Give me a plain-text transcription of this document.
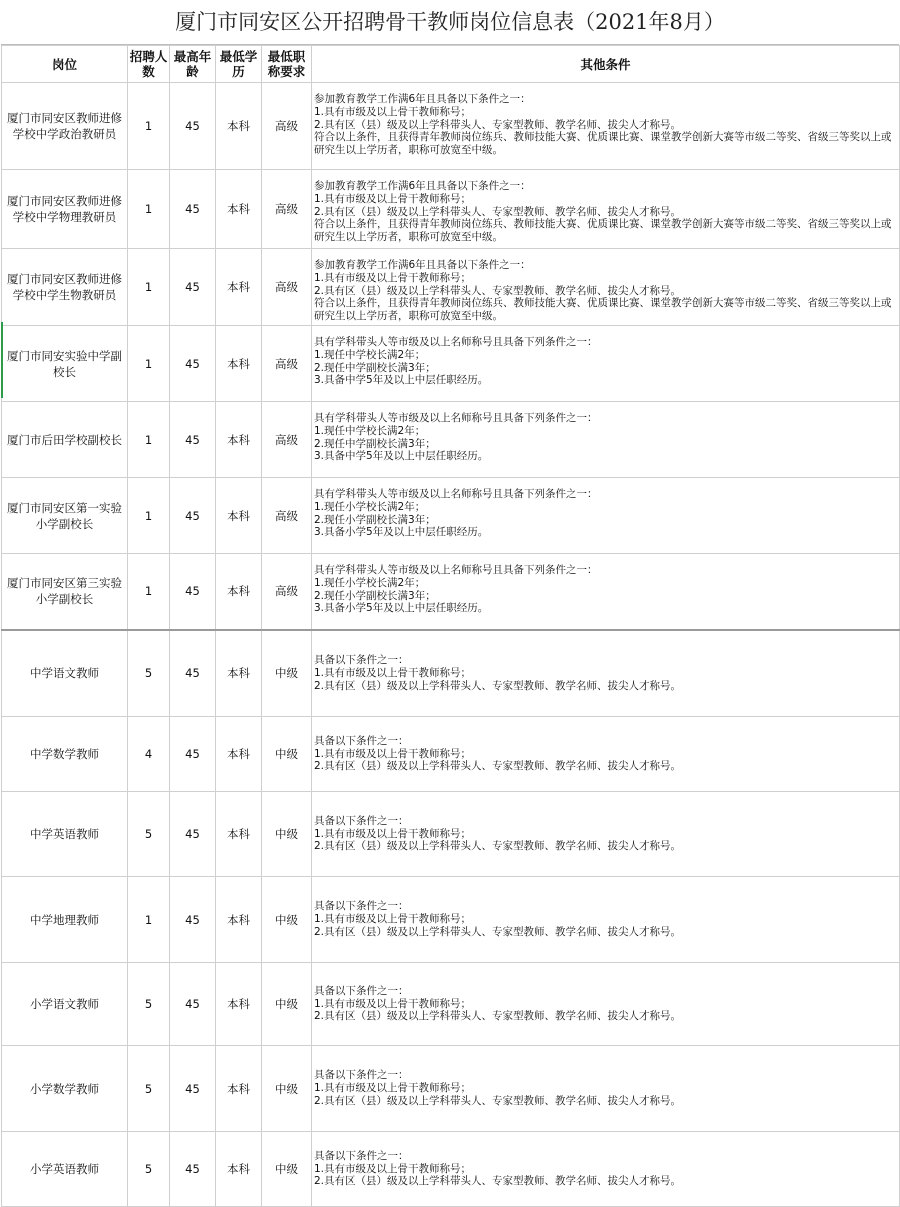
厦门市同安区公开招聘骨干教师岗位信息表（2021年8月）
岗位	招聘人数	最高年龄	最低学历	最低职称要求	其他条件
厦门市同安区教师进修学校中学政治教研员	1	45	本科	高级	参加教育教学工作满6年且具备以下条件之一：
1.具有市级及以上骨干教师称号；
2.具有区（县）级及以上学科带头人、专家型教师、教学名师、拔尖人才称号。
符合以上条件，且获得青年教师岗位练兵、教师技能大赛、优质课比赛、课堂教学创新大赛等市级二等奖、省级三等奖以上或研究生以上学历者，职称可放宽至中级。

厦门市同安区教师进修学校中学物理教研员	1	45	本科	高级	参加教育教学工作满6年且具备以下条件之一：
1.具有市级及以上骨干教师称号；
2.具有区（县）级及以上学科带头人、专家型教师、教学名师、拔尖人才称号。
符合以上条件，且获得青年教师岗位练兵、教师技能大赛、优质课比赛、课堂教学创新大赛等市级二等奖、省级三等奖以上或研究生以上学历者，职称可放宽至中级。

厦门市同安区教师进修学校中学生物教研员	1	45	本科	高级	参加教育教学工作满6年且具备以下条件之一：
1.具有市级及以上骨干教师称号；
2.具有区（县）级及以上学科带头人、专家型教师、教学名师、拔尖人才称号。
符合以上条件，且获得青年教师岗位练兵、教师技能大赛、优质课比赛、课堂教学创新大赛等市级二等奖、省级三等奖以上或研究生以上学历者，职称可放宽至中级。

厦门市同安实验中学副校长	1	45	本科	高级	具有学科带头人等市级及以上名师称号且具备下列条件之一：
1.现任中学校长满2年；
2.现任中学副校长满3年；
3.具备中学5年及以上中层任职经历。

厦门市后田学校副校长	1	45	本科	高级	具有学科带头人等市级及以上名师称号且具备下列条件之一：
1.现任中学校长满2年；
2.现任中学副校长满3年；
3.具备中学5年及以上中层任职经历。

厦门市同安区第一实验小学副校长	1	45	本科	高级	具有学科带头人等市级及以上名师称号且具备下列条件之一：
1.现任小学校长满2年；
2.现任小学副校长满3年；
3.具备小学5年及以上中层任职经历。

厦门市同安区第三实验小学副校长	1	45	本科	高级	具有学科带头人等市级及以上名师称号且具备下列条件之一：
1.现任小学校长满2年；
2.现任小学副校长满3年；
3.具备小学5年及以上中层任职经历。

中学语文教师	5	45	本科	中级	具备以下条件之一：
1.具有市级及以上骨干教师称号；
2.具有区（县）级及以上学科带头人、专家型教师、教学名师、拔尖人才称号。

中学数学教师	4	45	本科	中级	具备以下条件之一：
1.具有市级及以上骨干教师称号；
2.具有区（县）级及以上学科带头人、专家型教师、教学名师、拔尖人才称号。

中学英语教师	5	45	本科	中级	具备以下条件之一：
1.具有市级及以上骨干教师称号；
2.具有区（县）级及以上学科带头人、专家型教师、教学名师、拔尖人才称号。

中学地理教师	1	45	本科	中级	具备以下条件之一：
1.具有市级及以上骨干教师称号；
2.具有区（县）级及以上学科带头人、专家型教师、教学名师、拔尖人才称号。

小学语文教师	5	45	本科	中级	具备以下条件之一：
1.具有市级及以上骨干教师称号；
2.具有区（县）级及以上学科带头人、专家型教师、教学名师、拔尖人才称号。

小学数学教师	5	45	本科	中级	具备以下条件之一：
1.具有市级及以上骨干教师称号；
2.具有区（县）级及以上学科带头人、专家型教师、教学名师、拔尖人才称号。

小学英语教师	5	45	本科	中级	具备以下条件之一：
1.具有市级及以上骨干教师称号；
2.具有区（县）级及以上学科带头人、专家型教师、教学名师、拔尖人才称号。
